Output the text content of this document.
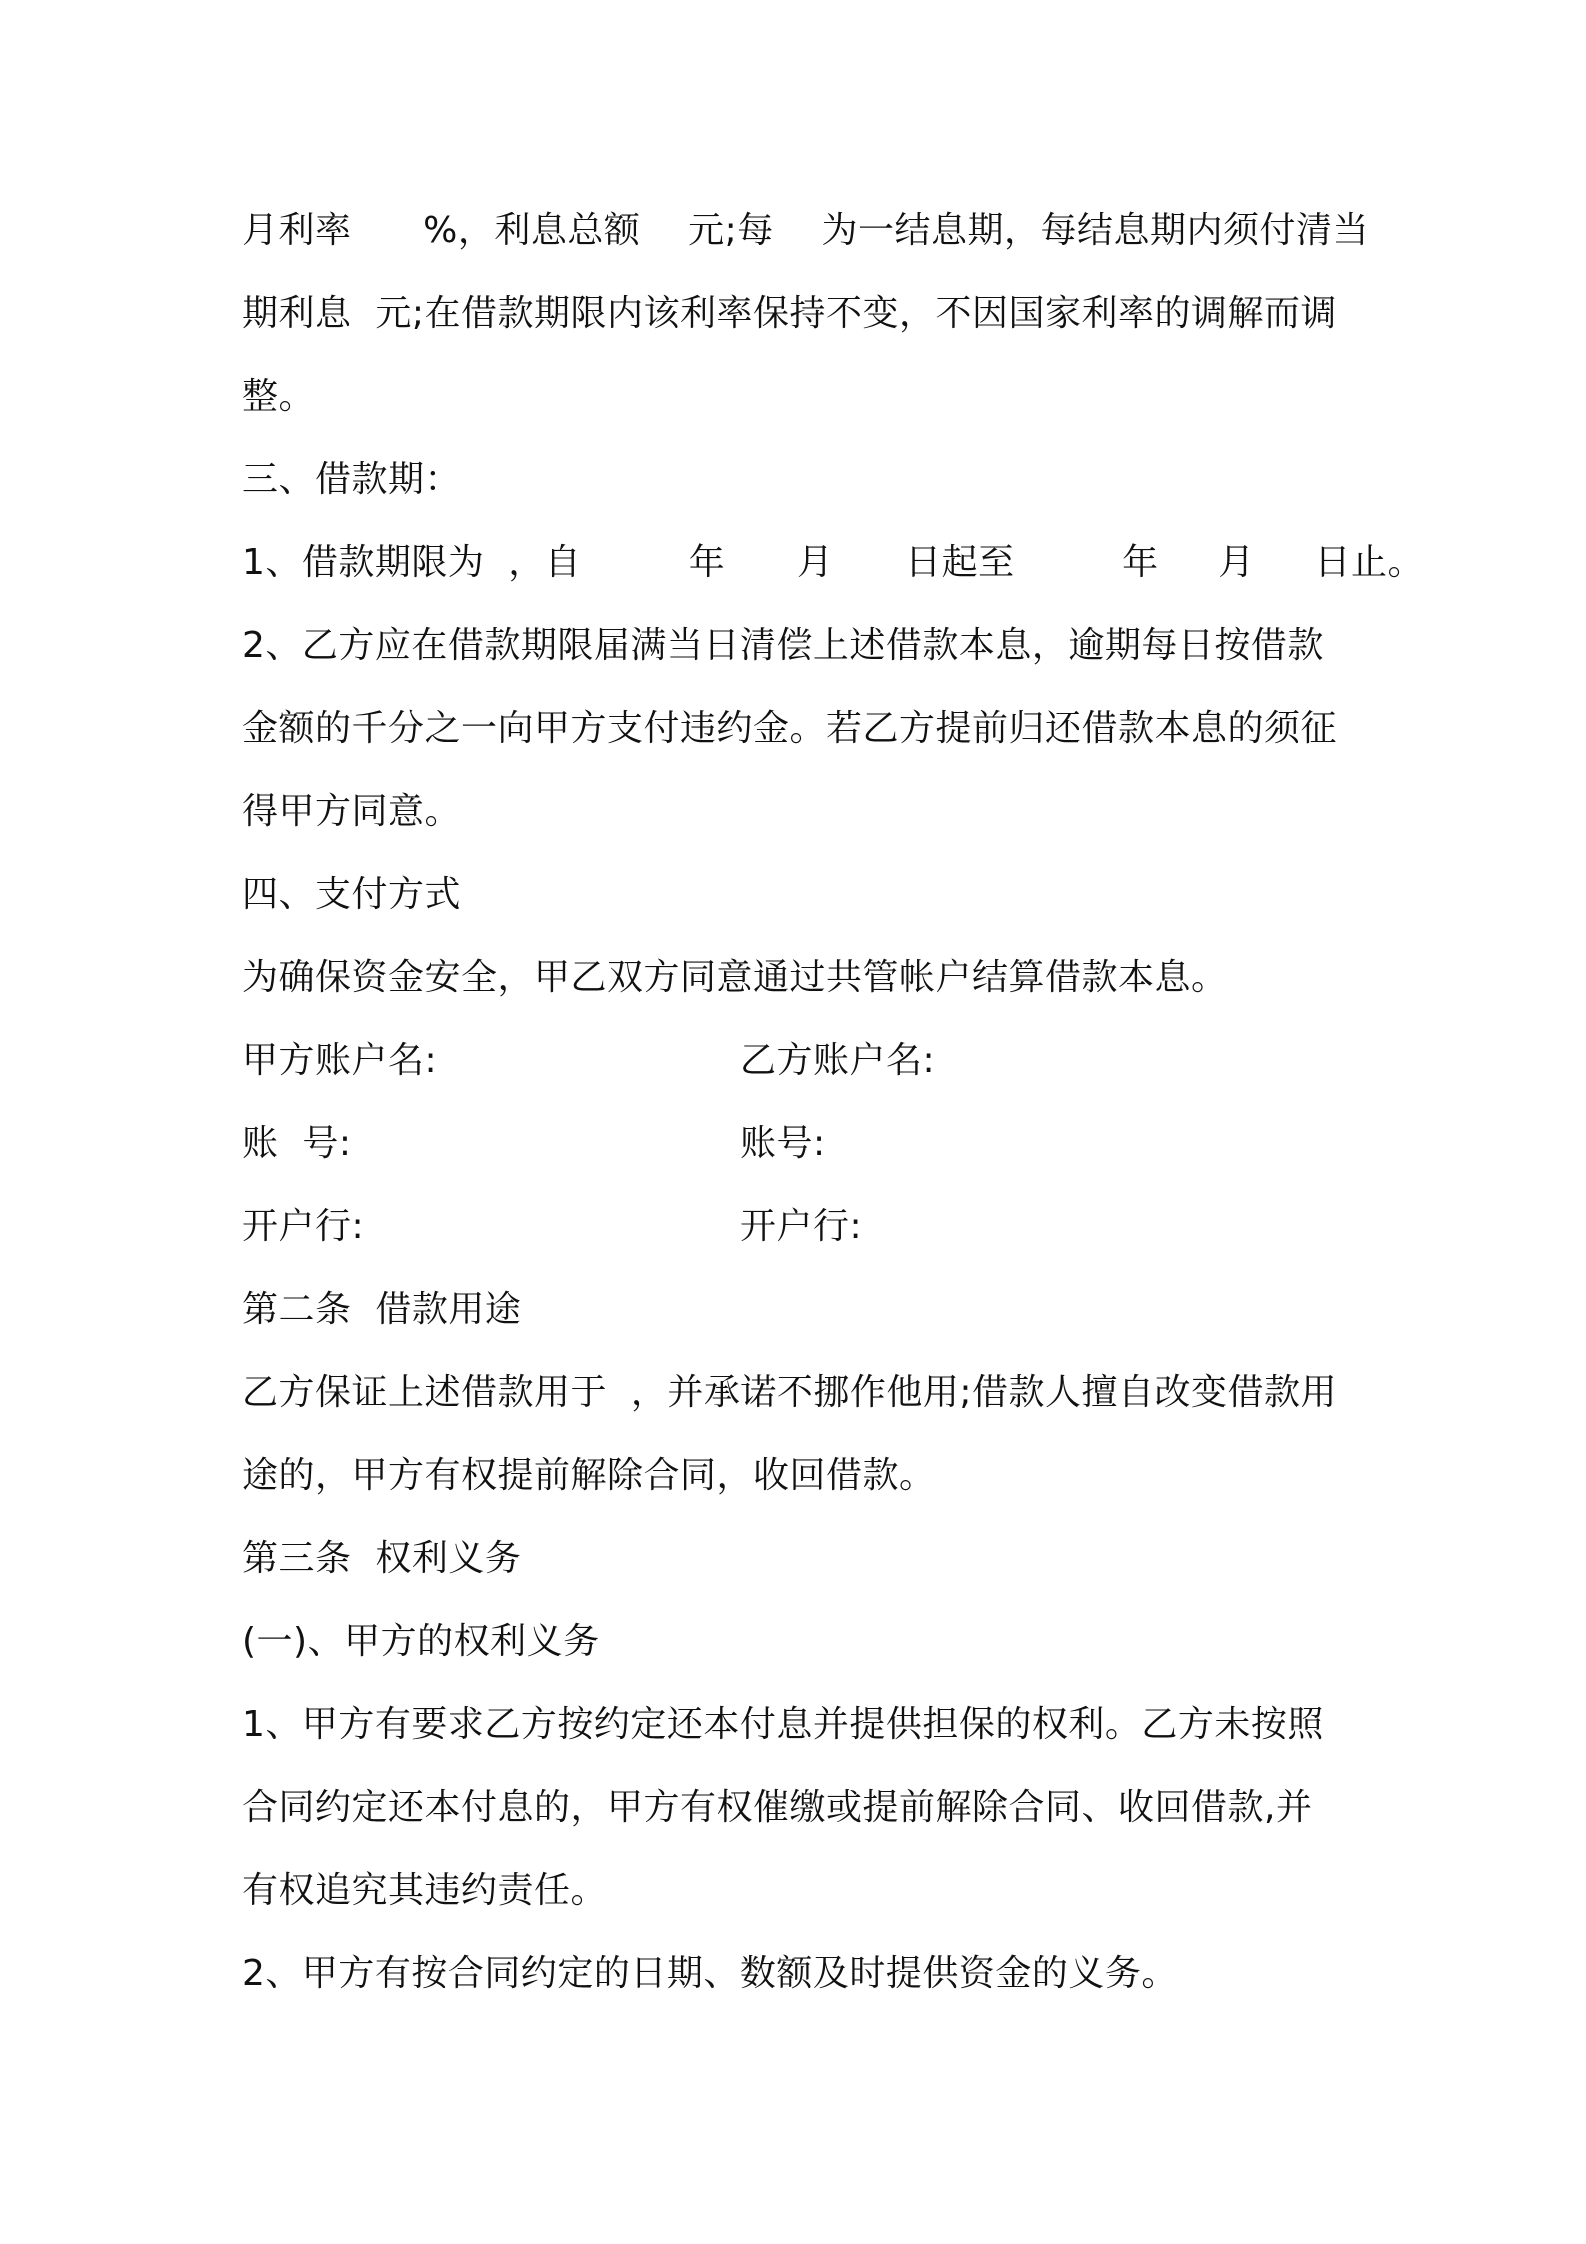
月利率      %，利息总额    元;每    为一结息期，每结息期内须付清当
期利息  元;在借款期限内该利率保持不变，不因国家利率的调解而调
整。
三、借款期：
1、借款期限为  ，自         年      月      日起至         年     月     日止。
2、乙方应在借款期限届满当日清偿上述借款本息，逾期每日按借款
金额的千分之一向甲方支付违约金。若乙方提前归还借款本息的须征
得甲方同意。
四、支付方式
为确保资金安全，甲乙双方同意通过共管帐户结算借款本息。
甲方账户名:	乙方账户名:
账  号:	账号:
开户行:	开户行:
第二条  借款用途
乙方保证上述借款用于  ，并承诺不挪作他用;借款人擅自改变借款用
途的，甲方有权提前解除合同，收回借款。
第三条  权利义务
(一)、甲方的权利义务
1、甲方有要求乙方按约定还本付息并提供担保的权利。乙方未按照
合同约定还本付息的，甲方有权催缴或提前解除合同、收回借款,并
有权追究其违约责任。
2、甲方有按合同约定的日期、数额及时提供资金的义务。
